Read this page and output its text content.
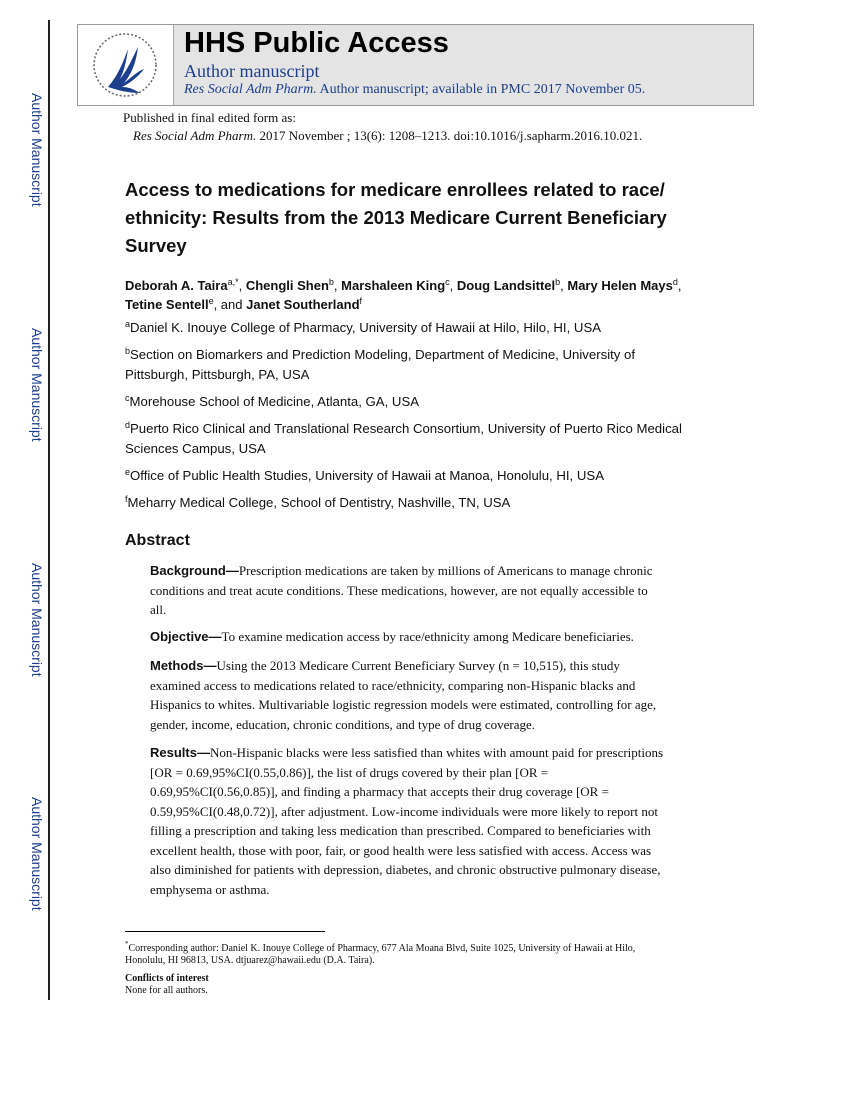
Author Manuscript
Author Manuscript
Author Manuscript
Author Manuscript
HHS Public Access
Author manuscript
Res Social Adm Pharm. Author manuscript; available in PMC 2017 November 05.
Published in final edited form as:
Res Social Adm Pharm. 2017 November ; 13(6): 1208–1213. doi:10.1016/j.sapharm.2016.10.021.
Access to medications for medicare enrollees related to race/
ethnicity: Results from the 2013 Medicare Current Beneficiary
Survey
Deborah A. Taira$^{a,*}$, Chengli Shen$^b$, Marshaleen King$^c$, Doug Landsittel$^b$, Mary Helen Mays$^d$,
Tetine Sentell$^e$, and Janet Southerland$^f$
$^a$Daniel K. Inouye College of Pharmacy, University of Hawaii at Hilo, Hilo, HI, USA
$^b$Section on Biomarkers and Prediction Modeling, Department of Medicine, University of
Pittsburgh, Pittsburgh, PA, USA
$^c$Morehouse School of Medicine, Atlanta, GA, USA
$^d$Puerto Rico Clinical and Translational Research Consortium, University of Puerto Rico Medical
Sciences Campus, USA
$^e$Office of Public Health Studies, University of Hawaii at Manoa, Honolulu, HI, USA
$^f$Meharry Medical College, School of Dentistry, Nashville, TN, USA
Abstract
Background—Prescription medications are taken by millions of Americans to manage chronic
conditions and treat acute conditions. These medications, however, are not equally accessible to
all.
Objective—To examine medication access by race/ethnicity among Medicare beneficiaries.
Methods—Using the 2013 Medicare Current Beneficiary Survey (n = 10,515), this study
examined access to medications related to race/ethnicity, comparing non-Hispanic blacks and
Hispanics to whites. Multivariable logistic regression models were estimated, controlling for age,
gender, income, education, chronic conditions, and type of drug coverage.
Results—Non-Hispanic blacks were less satisfied than whites with amount paid for prescriptions
[OR = 0.69,95%CI(0.55,0.86)], the list of drugs covered by their plan [OR =
0.69,95%CI(0.56,0.85)], and finding a pharmacy that accepts their drug coverage [OR =
0.59,95%CI(0.48,0.72)], after adjustment. Low-income individuals were more likely to report not
filling a prescription and taking less medication than prescribed. Compared to beneficiaries with
excellent health, those with poor, fair, or good health were less satisfied with access. Access was
also diminished for patients with depression, diabetes, and chronic obstructive pulmonary disease,
emphysema or asthma.
*Corresponding author: Daniel K. Inouye College of Pharmacy, 677 Ala Moana Blvd, Suite 1025, University of Hawaii at Hilo,
Honolulu, HI 96813, USA. dtjuarez@hawaii.edu (D.A. Taira).
Conflicts of interest
None for all authors.
